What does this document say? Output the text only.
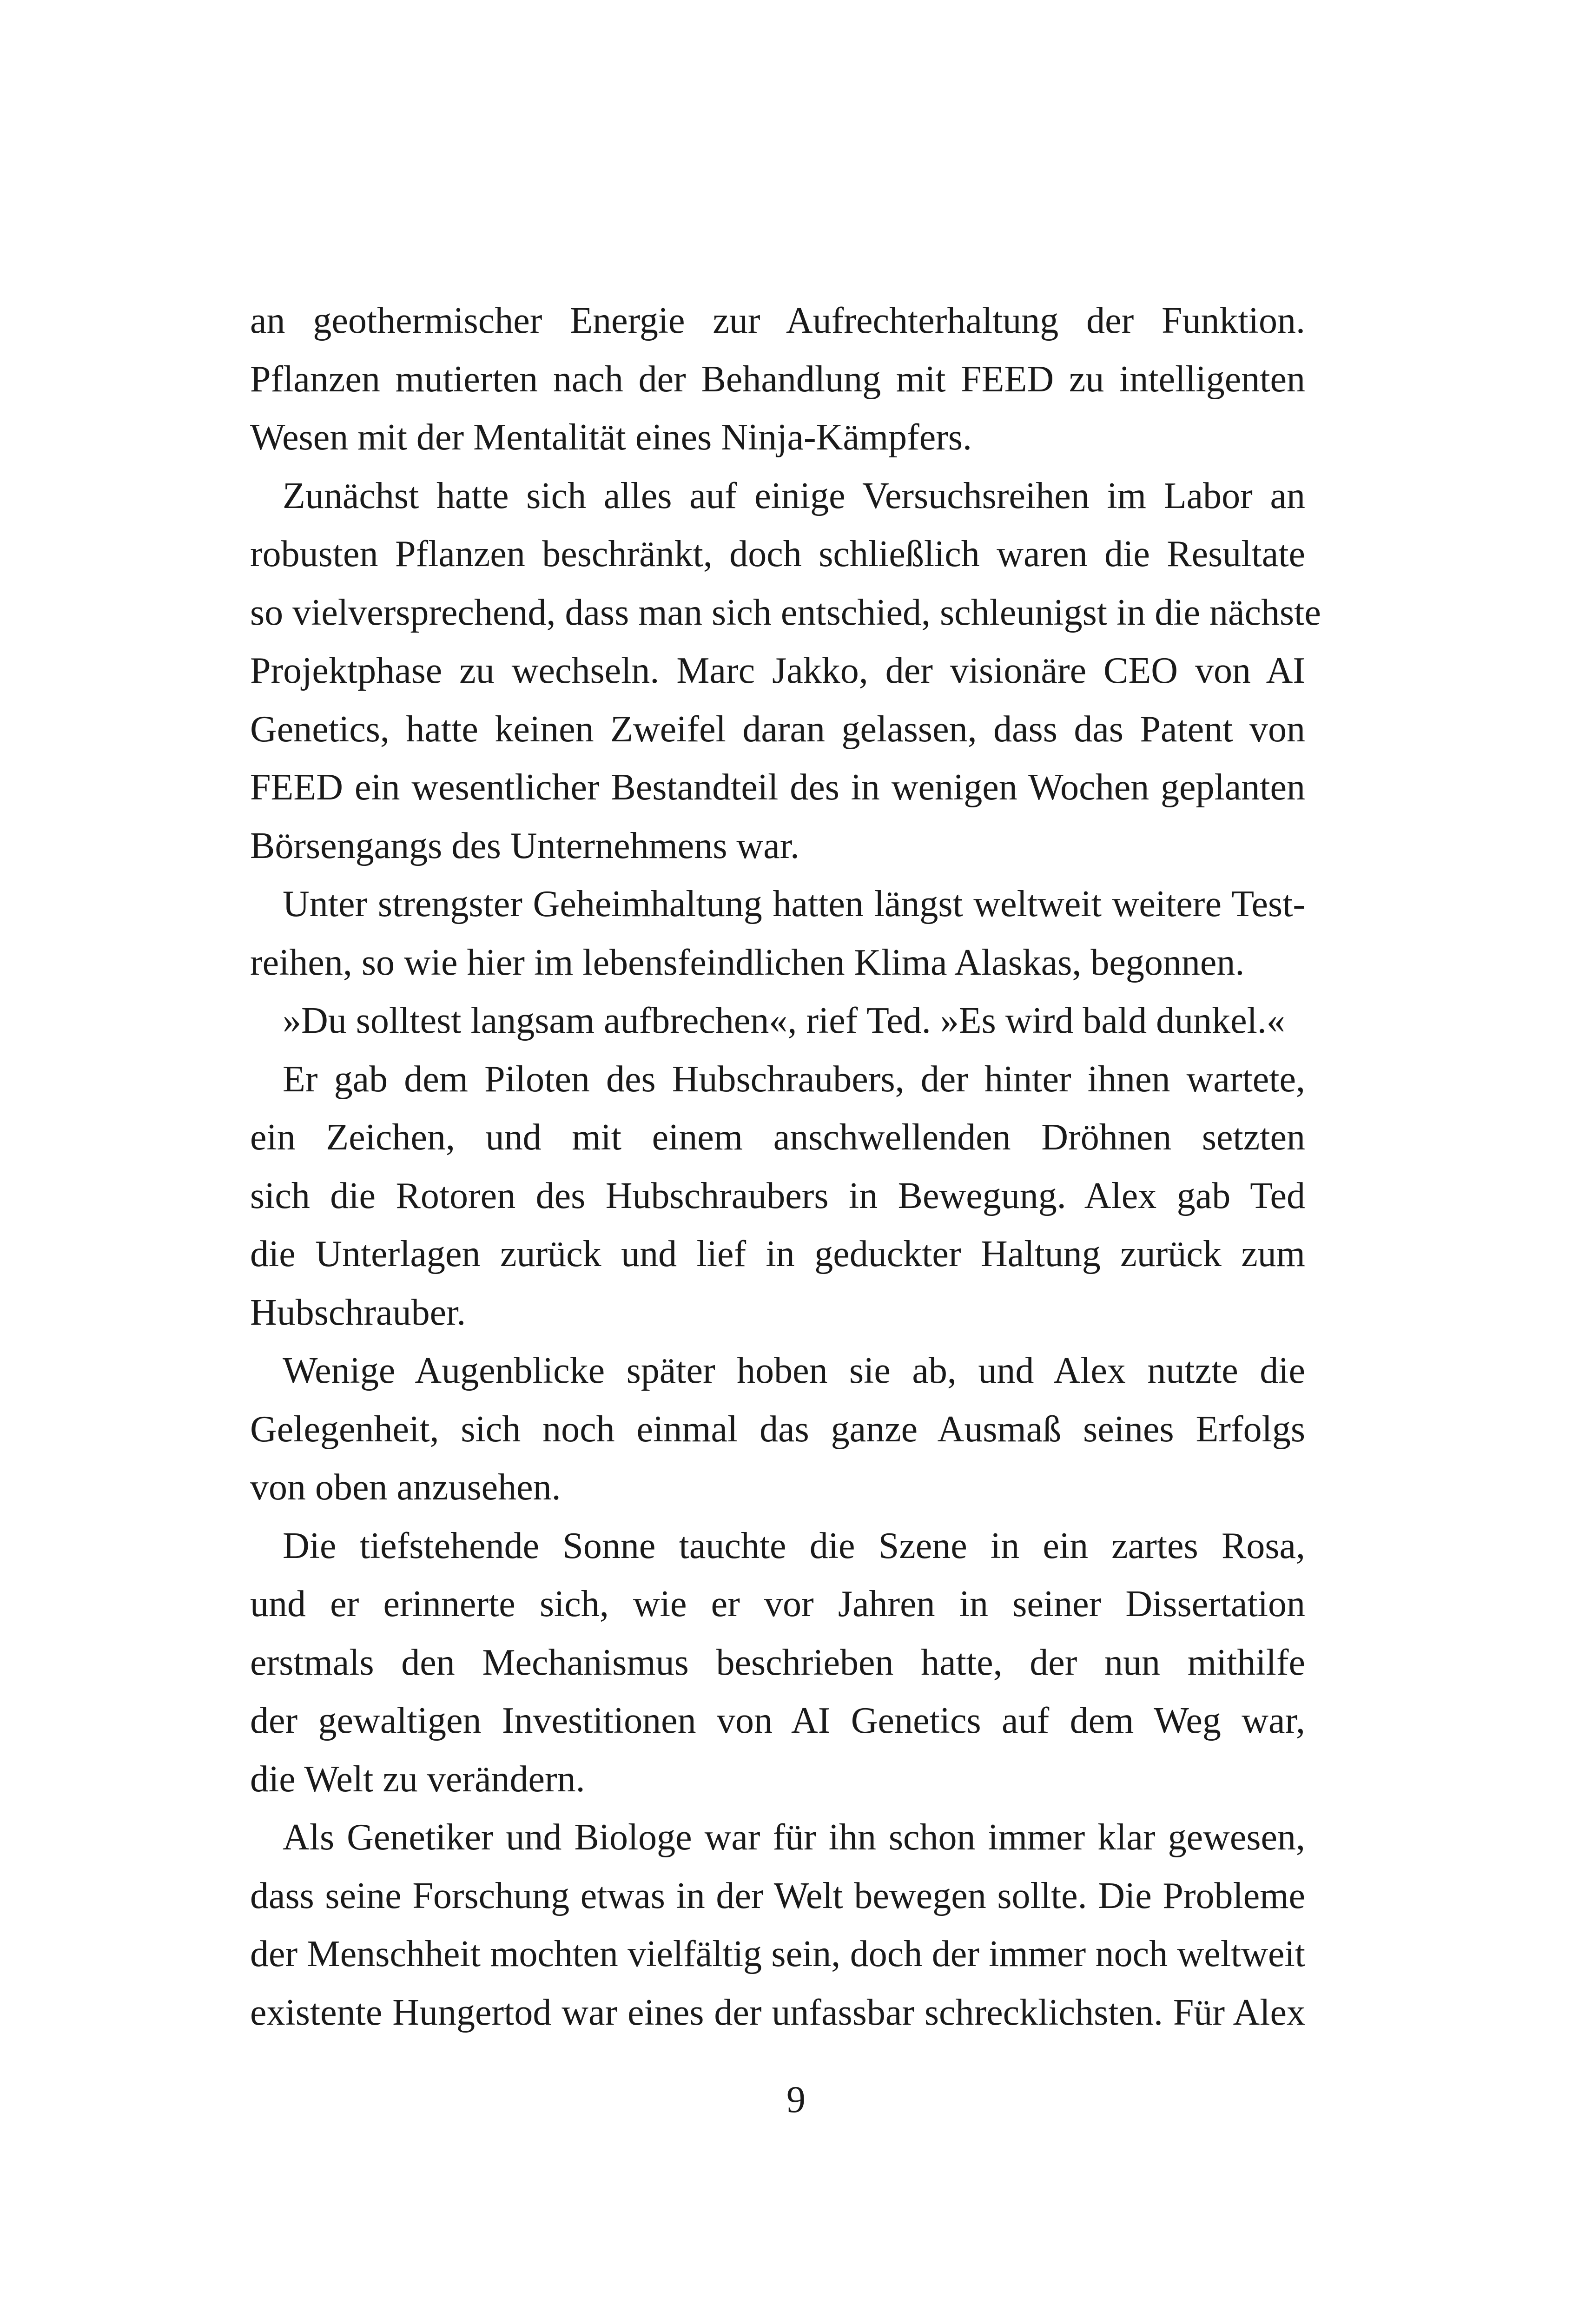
an geothermischer Energie zur Aufrechterhaltung der Funktion.
Pflanzen mutierten nach der Behandlung mit FEED zu intelligenten
Wesen mit der Mentalität eines Ninja-Kämpfers.
Zunächst hatte sich alles auf einige Versuchsreihen im Labor an
robusten Pflanzen beschränkt, doch schließlich waren die Resultate
so vielversprechend, dass man sich entschied, schleunigst in die nächste
Projektphase zu wechseln. Marc Jakko, der visionäre CEO von AI
Genetics, hatte keinen Zweifel daran gelassen, dass das Patent von
FEED ein wesentlicher Bestandteil des in wenigen Wochen geplanten
Börsengangs des Unternehmens war.
Unter strengster Geheimhaltung hatten längst weltweit weitere Test-
reihen, so wie hier im lebensfeindlichen Klima Alaskas, begonnen.
»Du solltest langsam aufbrechen«, rief Ted. »Es wird bald dunkel.«
Er gab dem Piloten des Hubschraubers, der hinter ihnen wartete,
ein Zeichen, und mit einem anschwellenden Dröhnen setzten
sich die Rotoren des Hubschraubers in Bewegung. Alex gab Ted
die Unterlagen zurück und lief in geduckter Haltung zurück zum
Hubschrauber.
Wenige Augenblicke später hoben sie ab, und Alex nutzte die
Gelegenheit, sich noch einmal das ganze Ausmaß seines Erfolgs
von oben anzusehen.
Die tiefstehende Sonne tauchte die Szene in ein zartes Rosa,
und er erinnerte sich, wie er vor Jahren in seiner Dissertation
erstmals den Mechanismus beschrieben hatte, der nun mithilfe
der gewaltigen Investitionen von AI Genetics auf dem Weg war,
die Welt zu verändern.
Als Genetiker und Biologe war für ihn schon immer klar gewesen,
dass seine Forschung etwas in der Welt bewegen sollte. Die Probleme
der Menschheit mochten vielfältig sein, doch der immer noch weltweit
existente Hungertod war eines der unfassbar schrecklichsten. Für Alex
9
